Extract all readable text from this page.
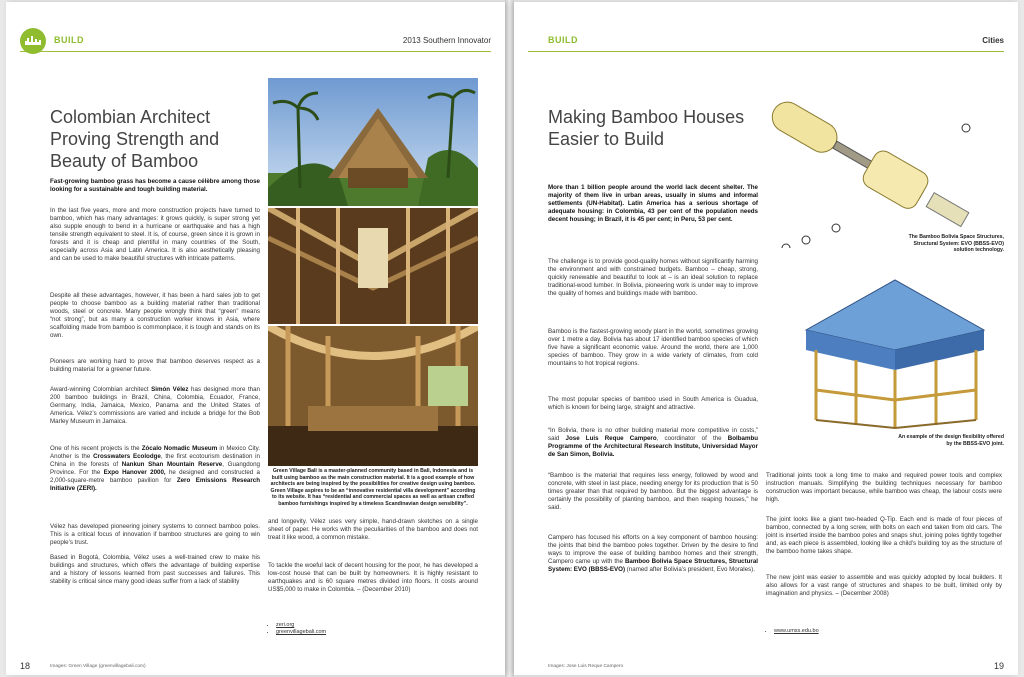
BUILD	2013 Southern Innovator
Colombian Architect Proving Strength and Beauty of Bamboo

Fast-growing bamboo grass has become a cause célèbre among those looking for a sustainable and tough building material.

In the last five years, more and more construction projects have turned to bamboo, which has many advantages: it grows quickly, is super strong yet also supple enough to bend in a hurricane or earthquake and has a high tensile strength equivalent to steel. It is, of course, green since it is grown in forests and it is cheap and plentiful in many countries of the South, especially across Asia and Latin America. It is also aesthetically pleasing and can be used to make beautiful structures with intricate patterns.

Despite all these advantages, however, it has been a hard sales job to get people to choose bamboo as a building material rather than traditional woods, steel or concrete. Many people wrongly think that “green” means “not strong”, but as many a construction worker knows in Asia, where scaffolding made from bamboo is commonplace, it is tough and stands on its own.

Pioneers are working hard to prove that bamboo deserves respect as a building material for a greener future.

Award-winning Colombian architect Simón Vélez has designed more than 200 bamboo buildings in Brazil, China, Colombia, Ecuador, France, Germany, India, Jamaica, Mexico, Panama and the United States of America. Vélez’s commissions are varied and include a bridge for the Bob Marley Museum in Jamaica.

One of his recent projects is the Zócalo Nomadic Museum in Mexico City. Another is the Crosswaters Ecolodge, the first ecotourism destination in China in the forests of Nankun Shan Mountain Reserve, Guangdong Province. For the Expo Hanover 2000, he designed and constructed a 2,000-square-metre bamboo pavilion for Zero Emissions Research Initiative (ZERI).

Vélez has developed pioneering joinery systems to connect bamboo poles. This is a critical focus of innovation if bamboo structures are going to win people’s trust.

Based in Bogotá, Colombia, Vélez uses a well-trained crew to make his buildings and structures, which offers the advantage of building expertise and a history of lessons learned from past successes and failures. This stability is critical since many good ideas suffer from a lack of stability

Green Village Bali is a master-planned community based in Bali, Indonesia and is built using bamboo as the main construction material. It is a good example of how architects are being inspired by the possibilities for creative design using bamboo. Green Village aspires to be an “innovative residential villa development” according to its website. It has “residential and commercial spaces as well as artisan crafted bamboo furnishings inspired by a timeless Scandinavian design sensibility”.

and longevity. Vélez uses very simple, hand-drawn sketches on a single sheet of paper. He works with the peculiarities of the bamboo and does not treat it like wood, a common mistake.

To tackle the woeful lack of decent housing for the poor, he has developed a low-cost house that can be built by homeowners. It is highly resistant to earthquakes and is 60 square metres divided into floors. It costs around US$5,000 to make in Colombia. – (December 2010)

• zeri.org
• greenvillagebali.com
Images: Green Village (greenvillagebali.com)
18
BUILD	Cities
Making Bamboo Houses Easier to Build

More than 1 billion people around the world lack decent shelter. The majority of them live in urban areas, usually in slums and informal settlements (UN-Habitat). Latin America has a serious shortage of adequate housing: in Colombia, 43 per cent of the population needs decent housing; in Brazil, it is 45 per cent; in Peru, 53 per cent.

The challenge is to provide good-quality homes without significantly harming the environment and with constrained budgets. Bamboo – cheap, strong, quickly renewable and beautiful to look at – is an ideal solution to replace traditional-wood lumber. In Bolivia, pioneering work is under way to improve the quality of homes and buildings made with bamboo.

Bamboo is the fastest-growing woody plant in the world, sometimes growing over 1 metre a day. Bolivia has about 17 identified bamboo species of which five have a significant economic value. Around the world, there are 1,000 species of bamboo. They grow in a wide variety of climates, from cold mountains to hot tropical regions.

The most popular species of bamboo used in South America is Guadua, which is known for being large, straight and attractive.

“In Bolivia, there is no other building material more competitive in costs,” said Jose Luis Reque Campero, coordinator of the Bolbambu Programme of the Architectural Research Institute, Universidad Mayor de San Simon, Bolivia.

“Bamboo is the material that requires less energy, followed by wood and concrete, with steel in last place, needing energy for its production that is 50 times greater than that required by bamboo. But the biggest advantage is certainly the possibility of planting bamboo, and then reaping houses,” he said.

Campero has focused his efforts on a key component of bamboo housing: the joints that bind the bamboo poles together. Driven by the desire to find ways to improve the ease of building bamboo homes and their strength, Campero came up with the Bamboo Bolivia Space Structures, Structural System: EVO (BBSS-EVO) (named after Bolivia’s president, Evo Morales).

The Bamboo Bolivia Space Structures, Structural System: EVO (BBSS-EVO) solution technology.

An example of the design flexibility offered by the BBSS-EVO joint.

Traditional joints took a long time to make and required power tools and complex instruction manuals. Simplifying the building techniques necessary for bamboo construction was important because, while bamboo was cheap, the labour costs were high.

The joint looks like a giant two-headed Q-Tip. Each end is made of four pieces of bamboo, connected by a long screw, with bolts on each end taken from old cars. The joint is inserted inside the bamboo poles and snaps shut, joining poles tightly together and, as each piece is assembled, looking like a child’s building toy as the structure of the bamboo home takes shape.

The new joint was easier to assemble and was quickly adopted by local builders. It also allows for a vast range of structures and shapes to be built, limited only by imagination and physics. – (December 2008)

• www.umss.edu.bo
Images: Jose Luis Reque Campero	19
